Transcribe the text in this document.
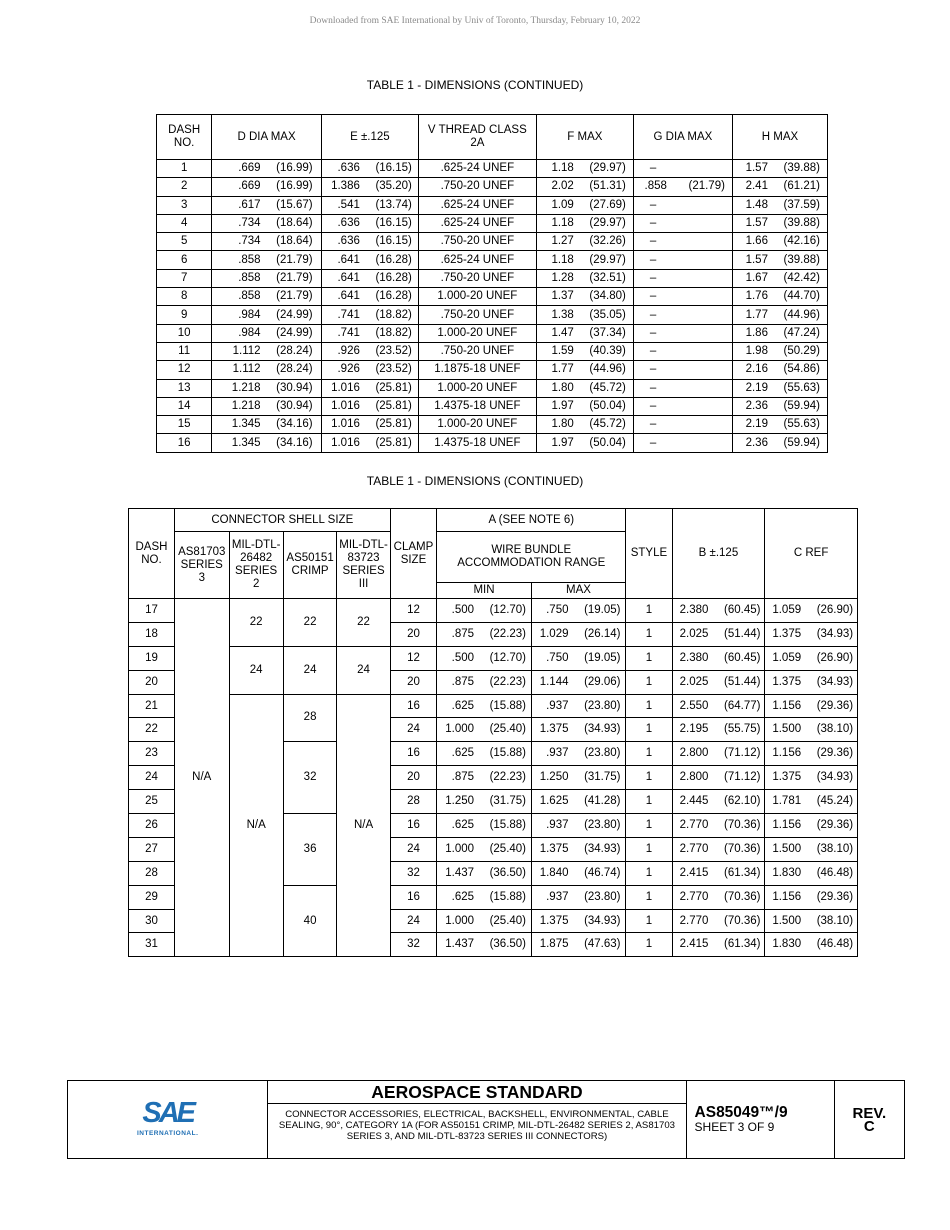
Downloaded from SAE International by Univ of Toronto, Thursday, February 10, 2022
TABLE 1 - DIMENSIONS (CONTINUED)
DASH NO.	D DIA MAX	E ±.125	V THREAD CLASS 2A	F MAX	G DIA MAX	H MAX
1	.669 (16.99)	.636 (16.15)	.625-24 UNEF	1.18 (29.97)	–	1.57 (39.88)
2	.669 (16.99)	1.386 (35.20)	.750-20 UNEF	2.02 (51.31)	.858 (21.79)	2.41 (61.21)
3	.617 (15.67)	.541 (13.74)	.625-24 UNEF	1.09 (27.69)	–	1.48 (37.59)
4	.734 (18.64)	.636 (16.15)	.625-24 UNEF	1.18 (29.97)	–	1.57 (39.88)
5	.734 (18.64)	.636 (16.15)	.750-20 UNEF	1.27 (32.26)	–	1.66 (42.16)
6	.858 (21.79)	.641 (16.28)	.625-24 UNEF	1.18 (29.97)	–	1.57 (39.88)
7	.858 (21.79)	.641 (16.28)	.750-20 UNEF	1.28 (32.51)	–	1.67 (42.42)
8	.858 (21.79)	.641 (16.28)	1.000-20 UNEF	1.37 (34.80)	–	1.76 (44.70)
9	.984 (24.99)	.741 (18.82)	.750-20 UNEF	1.38 (35.05)	–	1.77 (44.96)
10	.984 (24.99)	.741 (18.82)	1.000-20 UNEF	1.47 (37.34)	–	1.86 (47.24)
11	1.112 (28.24)	.926 (23.52)	.750-20 UNEF	1.59 (40.39)	–	1.98 (50.29)
12	1.112 (28.24)	.926 (23.52)	1.1875-18 UNEF	1.77 (44.96)	–	2.16 (54.86)
13	1.218 (30.94)	1.016 (25.81)	1.000-20 UNEF	1.80 (45.72)	–	2.19 (55.63)
14	1.218 (30.94)	1.016 (25.81)	1.4375-18 UNEF	1.97 (50.04)	–	2.36 (59.94)
15	1.345 (34.16)	1.016 (25.81)	1.000-20 UNEF	1.80 (45.72)	–	2.19 (55.63)
16	1.345 (34.16)	1.016 (25.81)	1.4375-18 UNEF	1.97 (50.04)	–	2.36 (59.94)
TABLE 1 - DIMENSIONS (CONTINUED)
DASH NO.	CONNECTOR SHELL SIZE				CLAMP SIZE	A (SEE NOTE 6)		STYLE	B ±.125	C REF
	AS81703 SERIES 3	MIL-DTL-26482 SERIES 2	AS50151 CRIMP	MIL-DTL-83723 SERIES III		WIRE BUNDLE ACCOMMODATION RANGE				
						MIN	MAX			
17	N/A	22	22	22	12	.500 (12.70)	.750 (19.05)	1	2.380 (60.45)	1.059 (26.90)
18					20	.875 (22.23)	1.029 (26.14)	1	2.025 (51.44)	1.375 (34.93)
19		24	24	24	12	.500 (12.70)	.750 (19.05)	1	2.380 (60.45)	1.059 (26.90)
20					20	.875 (22.23)	1.144 (29.06)	1	2.025 (51.44)	1.375 (34.93)
21		N/A	28	N/A	16	.625 (15.88)	.937 (23.80)	1	2.550 (64.77)	1.156 (29.36)
22					24	1.000 (25.40)	1.375 (34.93)	1	2.195 (55.75)	1.500 (38.10)
23			32		16	.625 (15.88)	.937 (23.80)	1	2.800 (71.12)	1.156 (29.36)
24					20	.875 (22.23)	1.250 (31.75)	1	2.800 (71.12)	1.375 (34.93)
25					28	1.250 (31.75)	1.625 (41.28)	1	2.445 (62.10)	1.781 (45.24)
26			36		16	.625 (15.88)	.937 (23.80)	1	2.770 (70.36)	1.156 (29.36)
27					24	1.000 (25.40)	1.375 (34.93)	1	2.770 (70.36)	1.500 (38.10)
28					32	1.437 (36.50)	1.840 (46.74)	1	2.415 (61.34)	1.830 (46.48)
29			40		16	.625 (15.88)	.937 (23.80)	1	2.770 (70.36)	1.156 (29.36)
30					24	1.000 (25.40)	1.375 (34.93)	1	2.770 (70.36)	1.500 (38.10)
31					32	1.437 (36.50)	1.875 (47.63)	1	2.415 (61.34)	1.830 (46.48)
SAE
INTERNATIONAL.

AEROSPACE STANDARD
CONNECTOR ACCESSORIES, ELECTRICAL, BACKSHELL, ENVIRONMENTAL, CABLE SEALING, 90°, CATEGORY 1A (FOR AS50151 CRIMP, MIL-DTL-26482 SERIES 2, AS81703 SERIES 3, AND MIL-DTL-83723 SERIES III CONNECTORS)

AS85049™/9
SHEET 3 OF 9

REV.
C
